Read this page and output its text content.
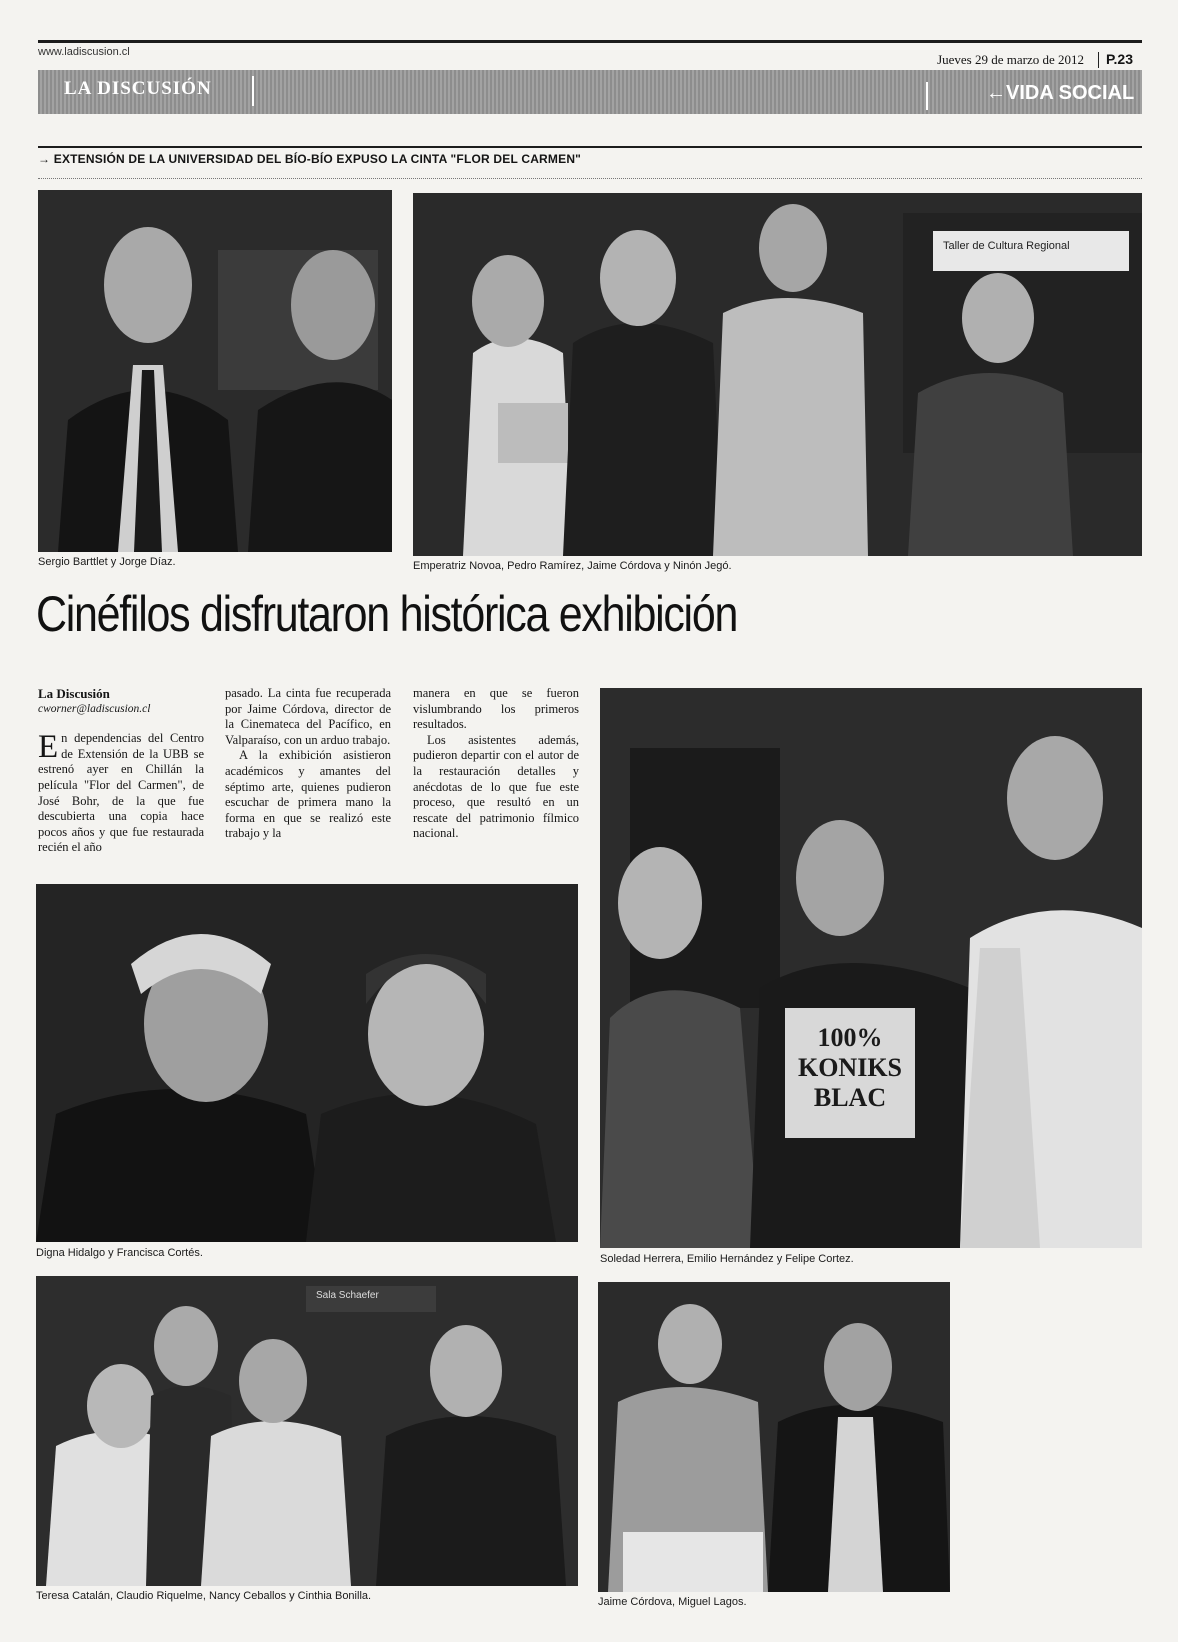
www.ladiscusion.cl	Jueves 29 de marzo de 2012 P.23
LA DISCUSIÓN	←VIDA SOCIAL
→ EXTENSIÓN DE LA UNIVERSIDAD DEL BÍO-BÍO EXPUSO LA CINTA "FLOR DEL CARMEN"
Sergio Barttlet y Jorge Díaz.
Taller de Cultura Regional
Emperatriz Novoa, Pedro Ramírez, Jaime Córdova y Ninón Jegó.
Cinéfilos disfrutaron histórica exhibición
La Discusión
cworner@ladiscusion.cl
E n dependencias del Centro de Extensión de la UBB se estrenó ayer en Chillán la película "Flor del Carmen", de José Bohr, de la que fue descubierta una copia hace pocos años y que fue restaurada recién el año
pasado. La cinta fue recuperada por Jaime Córdova, director de la Cinemateca del Pacífico, en Valparaíso, con un arduo trabajo.
A la exhibición asistieron académicos y amantes del séptimo arte, quienes pudieron escuchar de primera mano la forma en que se realizó este trabajo y la
manera en que se fueron vislumbrando los primeros resultados.
Los asistentes además, pudieron departir con el autor de la restauración detalles y anécdotas de lo que fue este proceso, que resultó en un rescate del patrimonio fílmico nacional.
100% KONIKS BLAC
Soledad Herrera, Emilio Hernández y Felipe Cortez.
Digna Hidalgo y Francisca Cortés.
Sala Schaefer
Teresa Catalán, Claudio Riquelme, Nancy Ceballos y Cinthia Bonilla.	Jaime Córdova, Miguel Lagos.
